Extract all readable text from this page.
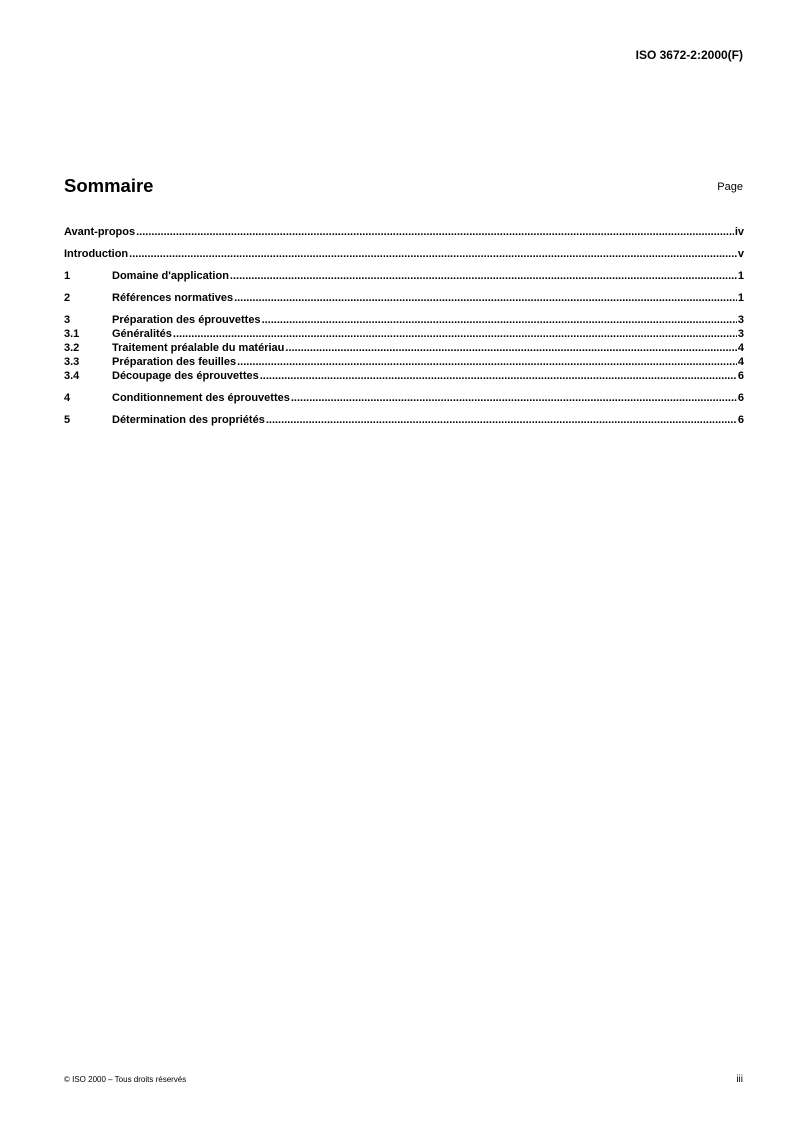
ISO 3672-2:2000(F)
Sommaire	Page
Avant-propos .....	iv
Introduction .....	v
1	Domaine d'application .....	1
2	Références normatives .....	1
3	Préparation des éprouvettes .....	3
3.1	Généralités .....	3
3.2	Traitement préalable du matériau .....	4
3.3	Préparation des feuilles .....	4
3.4	Découpage des éprouvettes .....	6
4	Conditionnement des éprouvettes .....	6
5	Détermination des propriétés .....	6
© ISO 2000 – Tous droits réservés	iii
